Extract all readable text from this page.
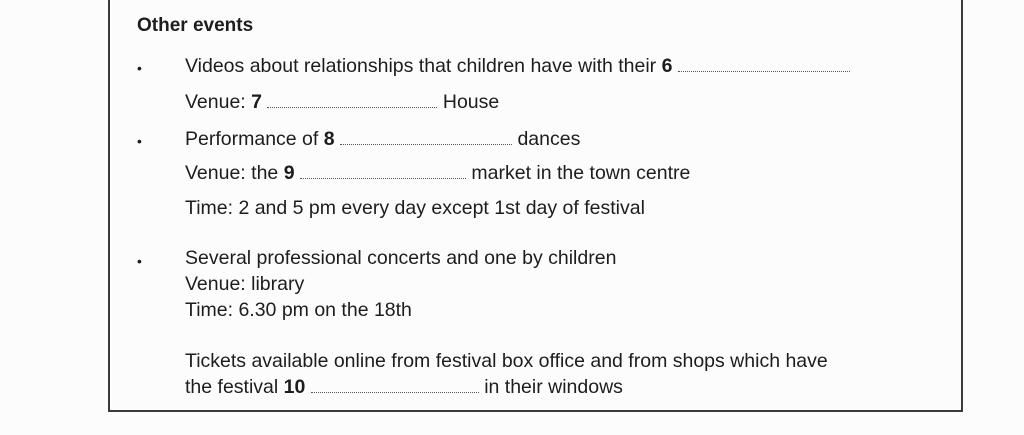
Other events
• Videos about relationships that children have with their 6
Venue: 7	House
• Performance of 8	dances
Venue: the 9	market in the town centre
Time: 2 and 5 pm every day except 1st day of festival
• Several professional concerts and one by children
Venue: library
Time: 6.30 pm on the 18th
Tickets available online from festival box office and from shops which have
the festival 10	in their windows
